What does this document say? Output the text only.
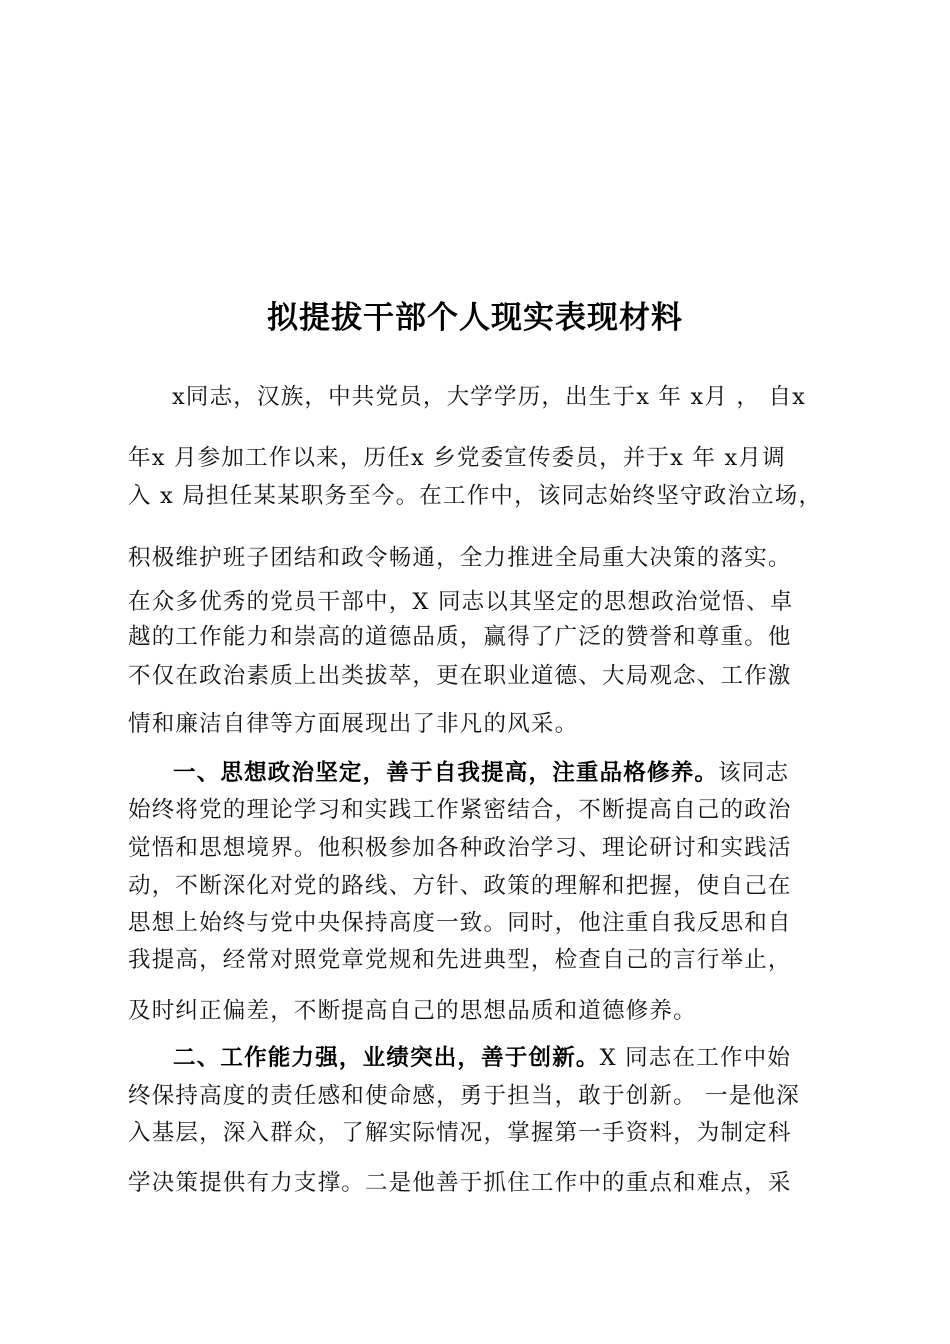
拟提拔干部个人现实表现材料
x同志，汉族，中共党员，大学学历，出生于x 年 x月 ， 自x
年x 月参加工作以来，历任x 乡党委宣传委员，并于x 年 x月调
入 x 局担任某某职务至今。在工作中，该同志始终坚守政治立场，
积极维护班子团结和政令畅通，全力推进全局重大决策的落实。
在众多优秀的党员干部中，X 同志以其坚定的思想政治觉悟、卓
越的工作能力和崇高的道德品质，赢得了广泛的赞誉和尊重。他
不仅在政治素质上出类拔萃，更在职业道德、大局观念、工作激
情和廉洁自律等方面展现出了非凡的风采。
一、思想政治坚定，善于自我提高，注重品格修养。该同志
始终将党的理论学习和实践工作紧密结合，不断提高自己的政治
觉悟和思想境界。他积极参加各种政治学习、理论研讨和实践活
动，不断深化对党的路线、方针、政策的理解和把握，使自己在
思想上始终与党中央保持高度一致。同时，他注重自我反思和自
我提高，经常对照党章党规和先进典型，检查自己的言行举止，
及时纠正偏差，不断提高自己的思想品质和道德修养。
二、工作能力强，业绩突出，善于创新。X 同志在工作中始
终保持高度的责任感和使命感，勇于担当，敢于创新。 一是他深
入基层，深入群众，了解实际情况，掌握第一手资料，为制定科
学决策提供有力支撑。二是他善于抓住工作中的重点和难点，采
